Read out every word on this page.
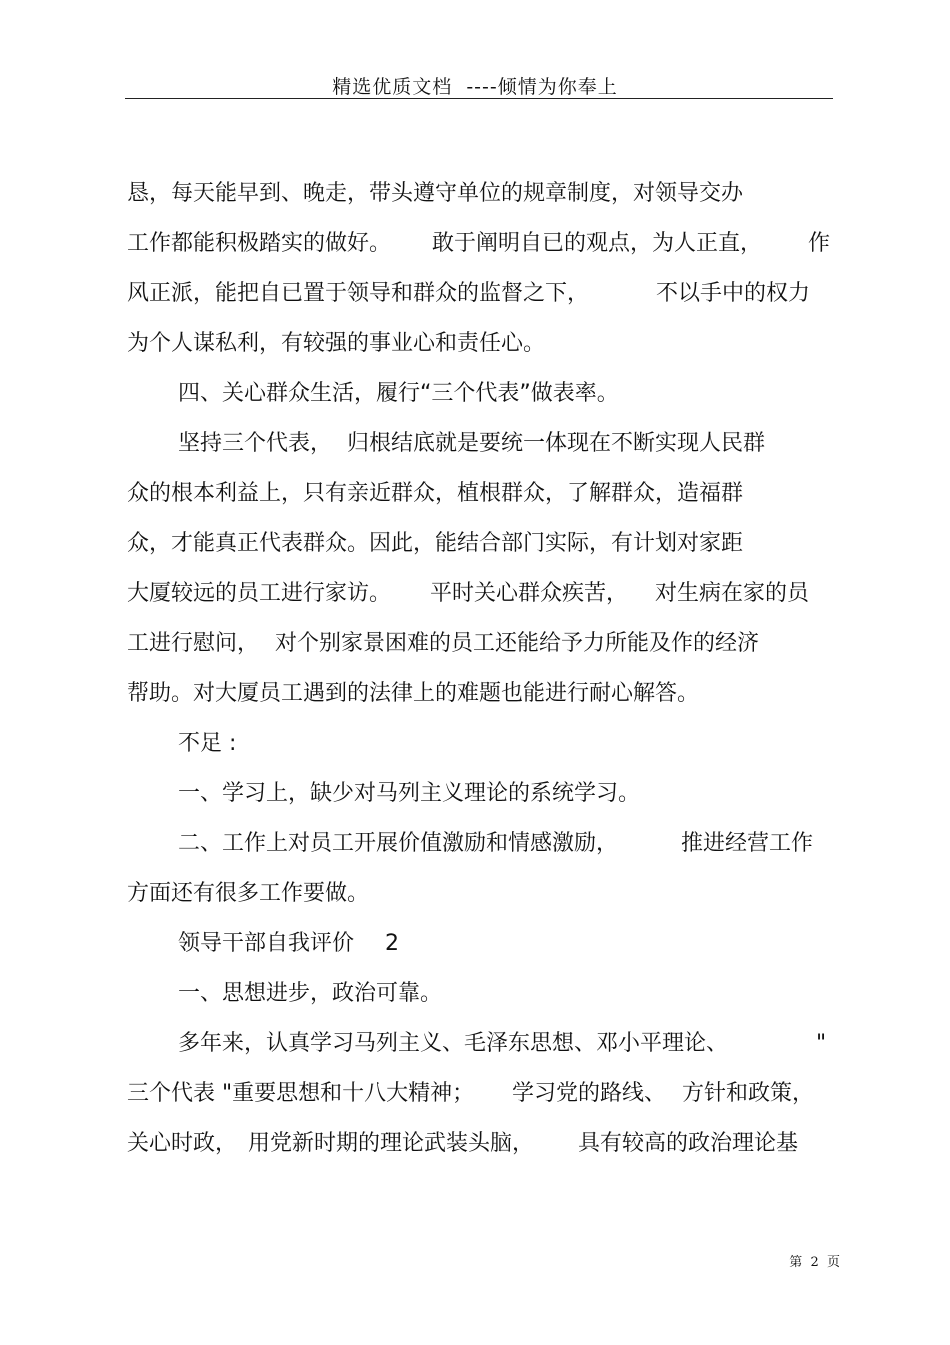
精选优质文档  ----倾情为你奉上

恳，每天能早到、晚走，带头遵守单位的规章制度，对领导交办

工作都能积极踏实的做好。

敢于阐明自已的观点，为人正直，

作

风正派，能把自已置于领导和群众的监督之下，

	不以手中的权力

为个人谋私利，有较强的事业心和责任心。

四、关心群众生活，履行“三个代表”做表率。

坚持三个代表，

归根结底就是要统一体现在不断实现人民群

众的根本利益上，只有亲近群众，植根群众，了解群众，造福群

众，才能真正代表群众。因此，能结合部门实际，有计划对家距

大厦较远的员工进行家访。

平时关心群众疾苦，

对生病在家的员

工进行慰问，

对个别家景困难的员工还能给予力所能及作的经济

帮助。对大厦员工遇到的法律上的难题也能进行耐心解答。

不足 :

一、学习上，缺少对马列主义理论的系统学习。

二、工作上对员工开展价值激励和情感激励，

	推进经营工作

方面还有很多工作要做。

领导干部自我评价

2

一、思想进步，政治可靠。

多年来，认真学习马列主义、毛泽东思想、邓小平理论、

	"

三个代表 "重要思想和十八大精神；

学习党的路线、

方针和政策，

关心时政，

用党新时期的理论武装头脑，

具有较高的政治理论基

第  2  页
